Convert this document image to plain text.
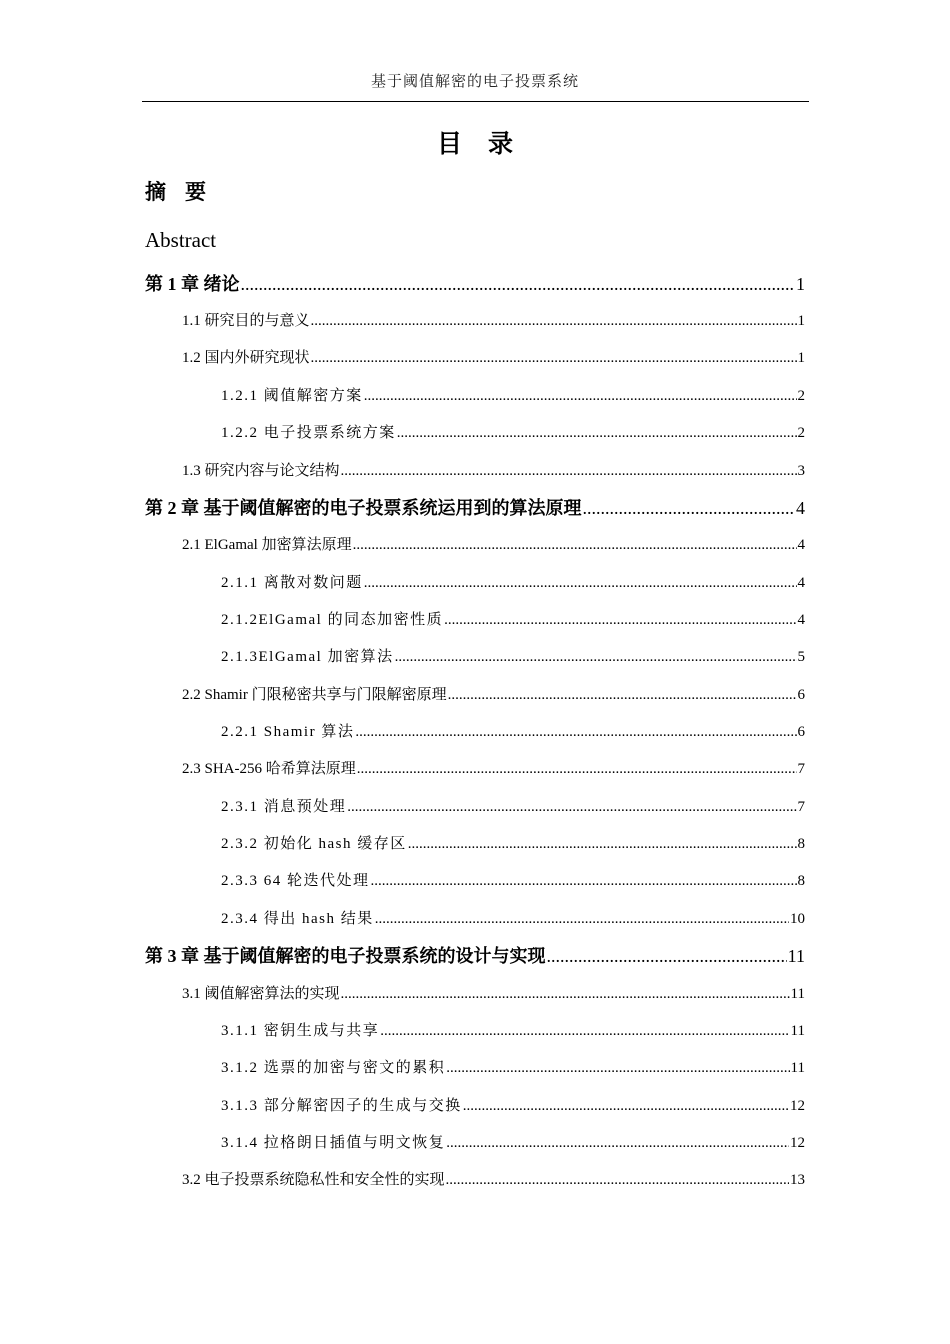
基于阈值解密的电子投票系统
目录
摘要
Abstract
第 1 章 绪论 .....	1
1.1 研究目的与意义 .....	1
1.2 国内外研究现状 .....	1
1.2.1 阈值解密方案 .....	2
1.2.2 电子投票系统方案 .....	2
1.3 研究内容与论文结构 .....	3
第 2 章 基于阈值解密的电子投票系统运用到的算法原理 .....	4
2.1 ElGamal 加密算法原理 .....	4
2.1.1 离散对数问题 .....	4
2.1.2ElGamal 的同态加密性质 .....	4
2.1.3ElGamal 加密算法 .....	5
2.2 Shamir 门限秘密共享与门限解密原理 .....	6
2.2.1 Shamir 算法 .....	6
2.3 SHA-256 哈希算法原理 .....	7
2.3.1 消息预处理 .....	7
2.3.2 初始化 hash 缓存区 .....	8
2.3.3 64 轮迭代处理 .....	8
2.3.4 得出 hash 结果 .....	10
第 3 章 基于阈值解密的电子投票系统的设计与实现 .....	11
3.1 阈值解密算法的实现 .....	11
3.1.1 密钥生成与共享 .....	11
3.1.2 选票的加密与密文的累积 .....	11
3.1.3 部分解密因子的生成与交换 .....	12
3.1.4 拉格朗日插值与明文恢复 .....	12
3.2 电子投票系统隐私性和安全性的实现 .....	13
